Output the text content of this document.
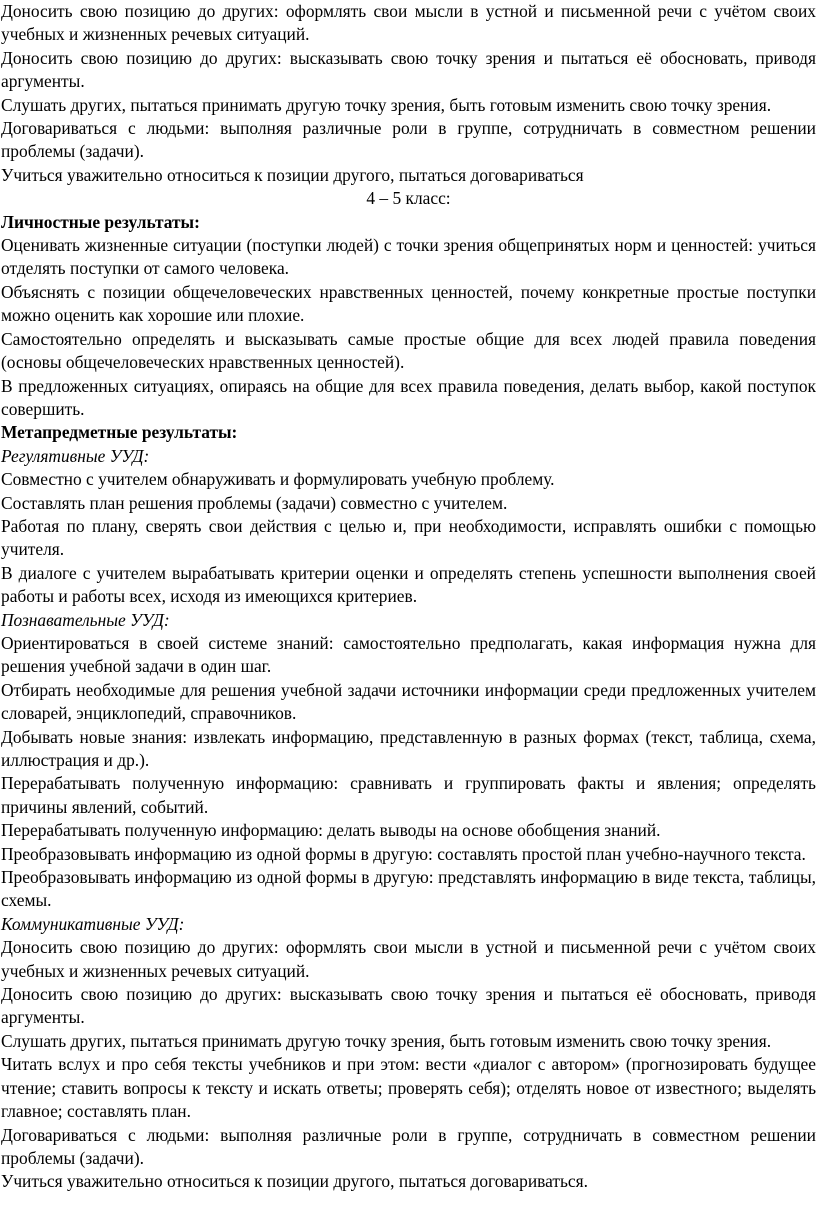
Доносить свою позицию до других: оформлять свои мысли в устной и письменной речи с учётом своих учебных и жизненных речевых ситуаций.

Доносить свою позицию до других: высказывать свою точку зрения и пытаться её обосновать, приводя аргументы.

Слушать других, пытаться принимать другую точку зрения, быть готовым изменить свою точку зрения.

Договариваться с людьми: выполняя различные роли в группе, сотрудничать в совместном решении проблемы (задачи).

Учиться уважительно относиться к позиции другого, пытаться договариваться

4 – 5 класс:

Личностные результаты:

Оценивать жизненные ситуации (поступки людей) с точки зрения общепринятых норм и ценностей: учиться отделять поступки от самого человека.

Объяснять с позиции общечеловеческих нравственных ценностей, почему конкретные простые поступки можно оценить как хорошие или плохие.

Самостоятельно определять и высказывать самые простые общие для всех людей правила поведения (основы общечеловеческих нравственных ценностей).

В предложенных ситуациях, опираясь на общие для всех правила поведения, делать выбор, какой поступок совершить.

Метапредметные результаты:

Регулятивные УУД:

Совместно с учителем обнаруживать и формулировать учебную проблему.

Составлять план решения проблемы (задачи) совместно с учителем.

Работая по плану, сверять свои действия с целью и, при необходимости, исправлять ошибки с помощью учителя.

В диалоге с учителем вырабатывать критерии оценки и определять степень успешности выполнения своей работы и работы всех, исходя из имеющихся критериев.

Познавательные УУД:

Ориентироваться в своей системе знаний: самостоятельно предполагать, какая информация нужна для решения учебной задачи в один шаг.

Отбирать необходимые для решения учебной задачи источники информации среди предложенных учителем словарей, энциклопедий, справочников.

Добывать новые знания: извлекать информацию, представленную в разных формах (текст, таблица, схема, иллюстрация и др.).

Перерабатывать полученную информацию: сравнивать и группировать факты и явления; определять причины явлений, событий.

Перерабатывать полученную информацию: делать выводы на основе обобщения знаний.

Преобразовывать информацию из одной формы в другую: составлять простой план учебно-научного текста.

Преобразовывать информацию из одной формы в другую: представлять информацию в виде текста, таблицы, схемы.

Коммуникативные УУД:

Доносить свою позицию до других: оформлять свои мысли в устной и письменной речи с учётом своих учебных и жизненных речевых ситуаций.

Доносить свою позицию до других: высказывать свою точку зрения и пытаться её обосновать, приводя аргументы.

Слушать других, пытаться принимать другую точку зрения, быть готовым изменить свою точку зрения.

Читать вслух и про себя тексты учебников и при этом: вести «диалог с автором» (прогнозировать будущее чтение; ставить вопросы к тексту и искать ответы; проверять себя); отделять новое от известного; выделять главное; составлять план.

Договариваться с людьми: выполняя различные роли в группе, сотрудничать в совместном решении проблемы (задачи).

Учиться уважительно относиться к позиции другого, пытаться договариваться.
